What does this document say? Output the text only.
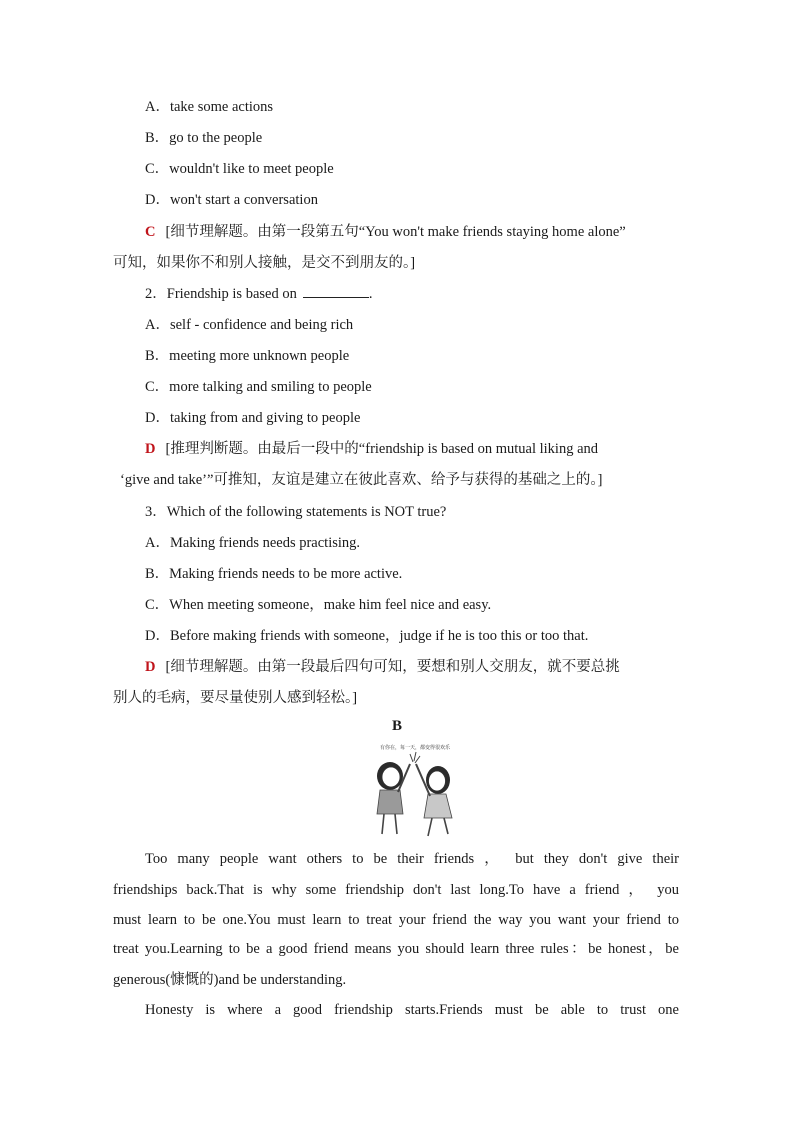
A．take some actions
B．go to the people
C．wouldn't like to meet people
D．won't start a conversation
C [细节理解题。由第一段第五句“You won't make friends staying home alone”
可知，如果你不和别人接触，是交不到朋友的。]
2．Friendship is based on	.
A．self - confidence and being rich
B．meeting more unknown people
C．more talking and smiling to people
D．taking from and giving to people
D [推理判断题。由最后一段中的“friendship is based on mutual liking and
‘give and take’”可推知，友谊是建立在彼此喜欢、给予与获得的基础之上的。]
3．Which of the following statements is NOT true?
A．Making friends needs practising.
B．Making friends needs to be more active.
C．When meeting someone，make him feel nice and easy.
D．Before making friends with someone，judge if he is too this or too that.
D [细节理解题。由第一段最后四句可知，要想和别人交朋友，就不要总挑
别人的毛病，要尽量使别人感到轻松。]
B
有你在，每一天，都变得很欢乐
Too many people want others to be their friends ， but they don't give their
friendships back.That is why some friendship don't last long.To have a friend ， you
must learn to be one.You must learn to treat your friend the way you want your friend to
treat you.Learning to be a good friend means you should learn three rules：be honest，be
generous(慷慨的)and be understanding.
Honesty is where a good friendship starts.Friends must be able to trust one
